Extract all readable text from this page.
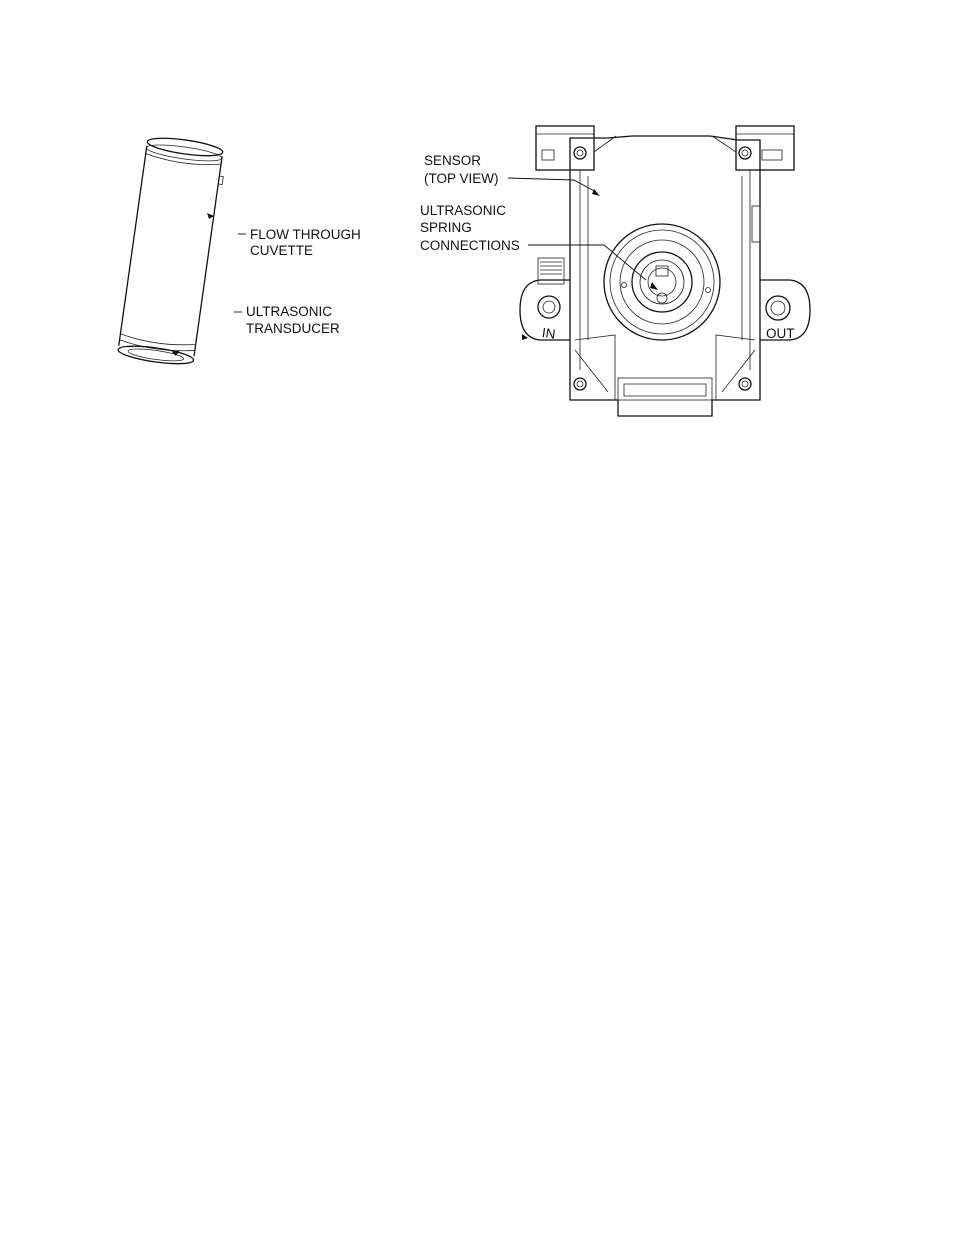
FLOW THROUGH
CUVETTE
ULTRASONIC
TRANSDUCER	IN	OUT
SENSOR
(TOP VIEW)
ULTRASONIC
SPRING
CONNECTIONS
